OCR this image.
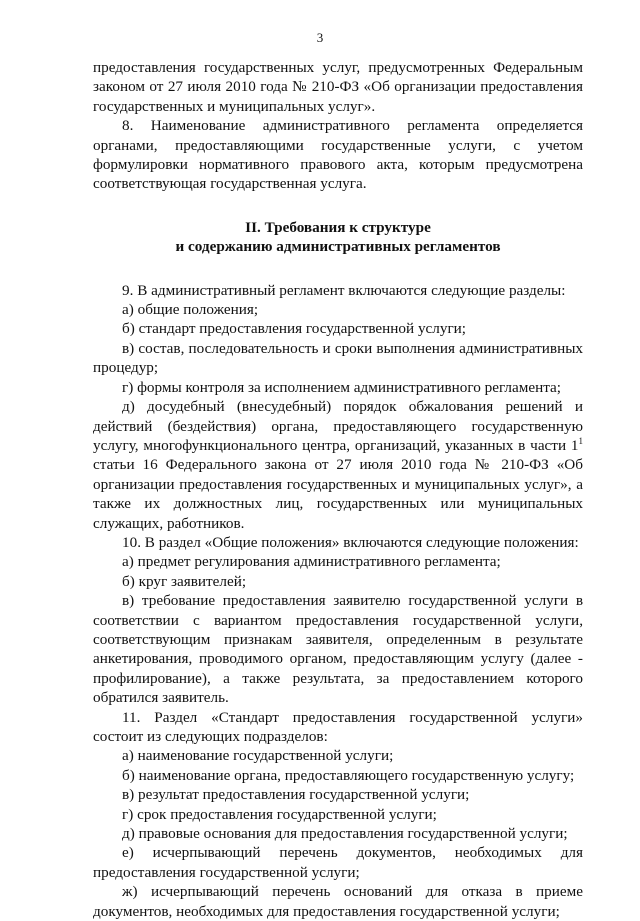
3

предоставления государственных услуг, предусмотренных Федеральным законом от 27 июля 2010 года № 210-ФЗ «Об организации предоставления государственных и муниципальных услуг».

8. Наименование административного регламента определяется органами, предоставляющими государственные услуги, с учетом формулировки нормативного правового акта, которым предусмотрена соответствующая государственная услуга.

II. Требования к структуре
и содержанию административных регламентов

9. В административный регламент включаются следующие разделы:

а) общие положения;

б) стандарт предоставления государственной услуги;

в) состав, последовательность и сроки выполнения административных процедур;

г) формы контроля за исполнением административного регламента;

д) досудебный (внесудебный) порядок обжалования решений и действий (бездействия) органа, предоставляющего государственную услугу, многофункционального центра, организаций, указанных в части $1^1$ статьи 16 Федерального закона от 27 июля 2010 года № 210-ФЗ «Об организации предоставления государственных и муниципальных услуг», а также их должностных лиц, государственных или муниципальных служащих, работников.

10. В раздел «Общие положения» включаются следующие положения:

а) предмет регулирования административного регламента;

б) круг заявителей;

в) требование предоставления заявителю государственной услуги в соответствии с вариантом предоставления государственной услуги, соответствующим признакам заявителя, определенным в результате анкетирования, проводимого органом, предоставляющим услугу (далее - профилирование), а также результата, за предоставлением которого обратился заявитель.

11. Раздел «Стандарт предоставления государственной услуги» состоит из следующих подразделов:

а) наименование государственной услуги;

б) наименование органа, предоставляющего государственную услугу;

в) результат предоставления государственной услуги;

г) срок предоставления государственной услуги;

д) правовые основания для предоставления государственной услуги;

е) исчерпывающий перечень документов, необходимых для предоставления государственной услуги;

ж) исчерпывающий перечень оснований для отказа в приеме документов, необходимых для предоставления государственной услуги;
